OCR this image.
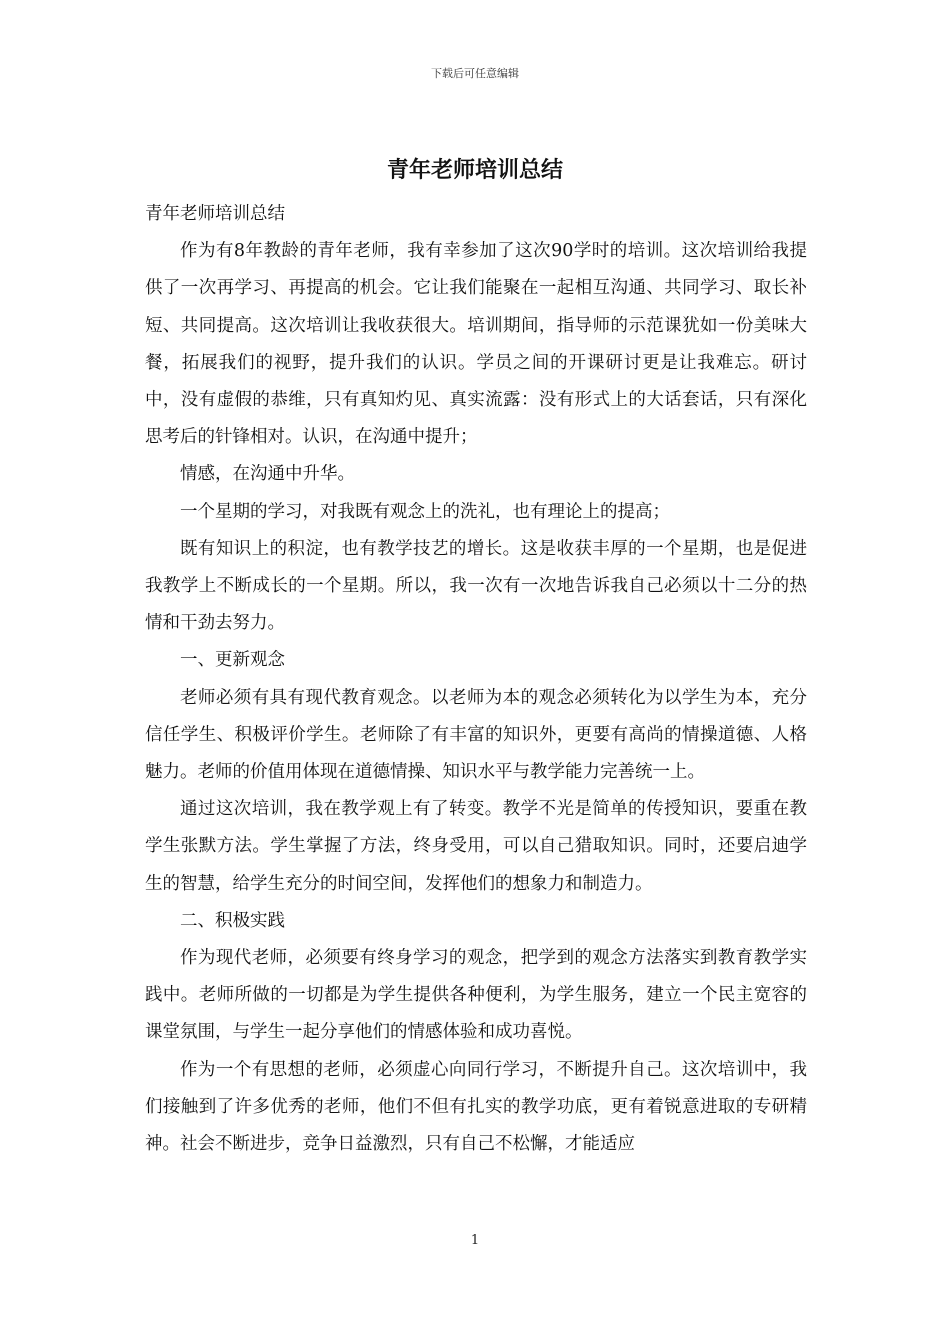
下载后可任意编辑
青年老师培训总结

青年老师培训总结

作为有8年教龄的青年老师，我有幸参加了这次90学时的培训。这次培训给我提供了一次再学习、再提高的机会。它让我们能聚在一起相互沟通、共同学习、取长补短、共同提高。这次培训让我收获很大。培训期间，指导师的示范课犹如一份美味大餐，拓展我们的视野，提升我们的认识。学员之间的开课研讨更是让我难忘。研讨中，没有虚假的恭维，只有真知灼见、真实流露：没有形式上的大话套话，只有深化思考后的针锋相对。认识，在沟通中提升；

情感，在沟通中升华。

一个星期的学习，对我既有观念上的洗礼，也有理论上的提高；

既有知识上的积淀，也有教学技艺的增长。这是收获丰厚的一个星期，也是促进我教学上不断成长的一个星期。所以，我一次有一次地告诉我自己必须以十二分的热情和干劲去努力。

一、更新观念

老师必须有具有现代教育观念。以老师为本的观念必须转化为以学生为本，充分信任学生、积极评价学生。老师除了有丰富的知识外，更要有高尚的情操道德、人格魅力。老师的价值用体现在道德情操、知识水平与教学能力完善统一上。

通过这次培训，我在教学观上有了转变。教学不光是简单的传授知识，要重在教学生张默方法。学生掌握了方法，终身受用，可以自己猎取知识。同时，还要启迪学生的智慧，给学生充分的时间空间，发挥他们的想象力和制造力。

二、积极实践

作为现代老师，必须要有终身学习的观念，把学到的观念方法落实到教育教学实践中。老师所做的一切都是为学生提供各种便利，为学生服务，建立一个民主宽容的课堂氛围，与学生一起分享他们的情感体验和成功喜悦。

作为一个有思想的老师，必须虚心向同行学习，不断提升自己。这次培训中，我们接触到了许多优秀的老师，他们不但有扎实的教学功底，更有着锐意进取的专研精神。社会不断进步，竞争日益激烈，只有自己不松懈，才能适应

1
